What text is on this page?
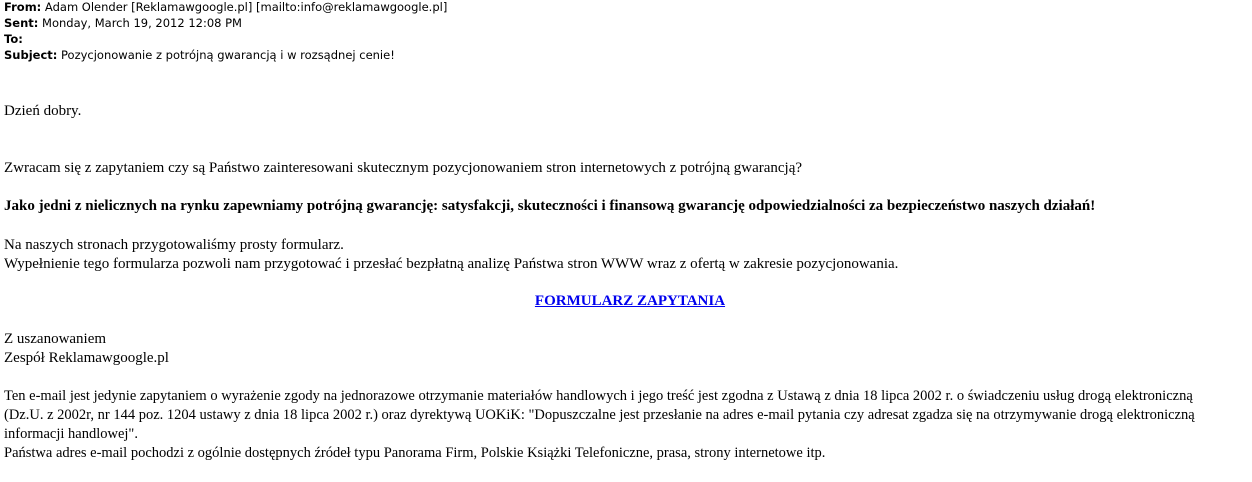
From: Adam Olender [Reklamawgoogle.pl] [mailto:info@reklamawgoogle.pl]
Sent: Monday, March 19, 2012 12:08 PM
To:
Subject: Pozycjonowanie z potrójną gwarancją i w rozsądnej cenie!
Dzień dobry.
Zwracam się z zapytaniem czy są Państwo zainteresowani skutecznym pozycjonowaniem stron internetowych z potrójną gwarancją?
Jako jedni z nielicznych na rynku zapewniamy potrójną gwarancję: satysfakcji, skuteczności i finansową gwarancję odpowiedzialności za bezpieczeństwo naszych działań!
Na naszych stronach przygotowaliśmy prosty formularz.
Wypełnienie tego formularza pozwoli nam przygotować i przesłać bezpłatną analizę Państwa stron WWW wraz z ofertą w zakresie pozycjonowania.
FORMULARZ ZAPYTANIA
Z uszanowaniem
Zespół Reklamawgoogle.pl
Ten e-mail jest jedynie zapytaniem o wyrażenie zgody na jednorazowe otrzymanie materiałów handlowych i jego treść jest zgodna z Ustawą z dnia 18 lipca 2002 r. o świadczeniu usług drogą elektroniczną
(Dz.U. z 2002r, nr 144 poz. 1204 ustawy z dnia 18 lipca 2002 r.) oraz dyrektywą UOKiK: "Dopuszczalne jest przesłanie na adres e-mail pytania czy adresat zgadza się na otrzymywanie drogą elektroniczną
informacji handlowej".
Państwa adres e-mail pochodzi z ogólnie dostępnych źródeł typu Panorama Firm, Polskie Książki Telefoniczne, prasa, strony internetowe itp.
